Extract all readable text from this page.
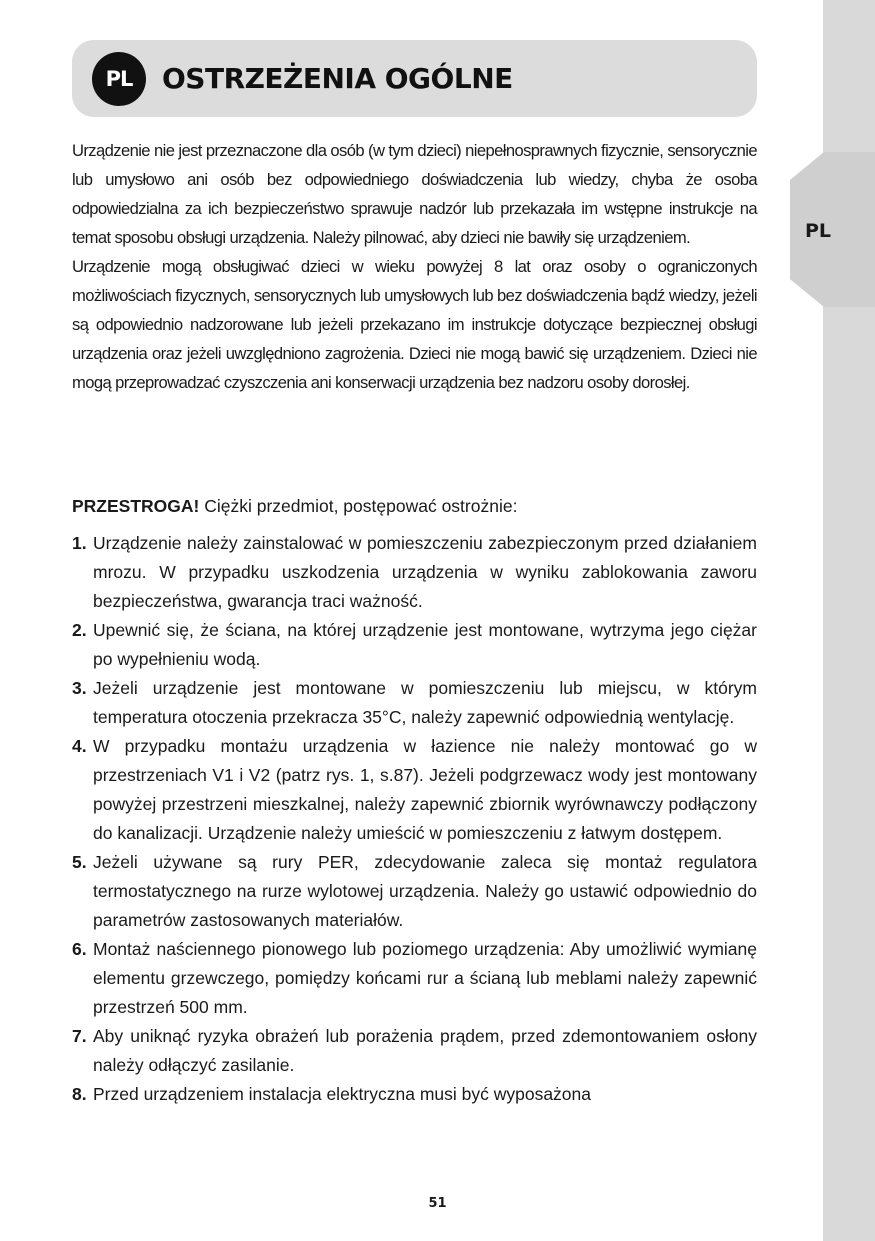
PL
PL	OSTRZEŻENIA OGÓLNE

Urządzenie nie jest przeznaczone dla osób (w tym dzieci) niepełnosprawnych fizycznie, sensorycznie lub umysłowo ani osób bez odpowiedniego doświadczenia lub wiedzy, chyba że osoba odpowiedzialna za ich bezpieczeństwo sprawuje nadzór lub przekazała im wstępne instrukcje na temat sposobu obsługi urządzenia. Należy pilnować, aby dzieci nie bawiły się urządzeniem.

Urządzenie mogą obsługiwać dzieci w wieku powyżej 8 lat oraz osoby o ograniczonych możliwościach fizycznych, sensorycznych lub umysłowych lub bez doświadczenia bądź wiedzy, jeżeli są odpowiednio nadzorowane lub jeżeli przekazano im instrukcje dotyczące bezpiecznej obsługi urządzenia oraz jeżeli uwzględniono zagrożenia. Dzieci nie mogą bawić się urządzeniem. Dzieci nie mogą przeprowadzać czyszczenia ani konserwacji urządzenia bez nadzoru osoby dorosłej.

PRZESTROGA! Ciężki przedmiot, postępować ostrożnie:
1. Urządzenie należy zainstalować w pomieszczeniu zabezpieczonym przed działaniem mrozu. W przypadku uszkodzenia urządzenia w wyniku zablokowania zaworu bezpieczeństwa, gwarancja traci ważność.
2. Upewnić się, że ściana, na której urządzenie jest montowane, wytrzyma jego ciężar po wypełnieniu wodą.
3. Jeżeli urządzenie jest montowane w pomieszczeniu lub miejscu, w którym temperatura otoczenia przekracza 35°C, należy zapewnić odpowiednią wentylację.
4. W przypadku montażu urządzenia w łazience nie należy montować go w przestrzeniach V1 i V2 (patrz rys. 1, s.87). Jeżeli podgrzewacz wody jest montowany powyżej przestrzeni mieszkalnej, należy zapewnić zbiornik wyrównawczy podłączony do kanalizacji. Urządzenie należy umieścić w pomieszczeniu z łatwym dostępem.
5. Jeżeli używane są rury PER, zdecydowanie zaleca się montaż regulatora termostatycznego na rurze wylotowej urządzenia. Należy go ustawić odpowiednio do parametrów zastosowanych materiałów.
6. Montaż naściennego pionowego lub poziomego urządzenia: Aby umożliwić wymianę elementu grzewczego, pomiędzy końcami rur a ścianą lub meblami należy zapewnić przestrzeń 500 mm.
7. Aby uniknąć ryzyka obrażeń lub porażenia prądem, przed zdemontowaniem osłony należy odłączyć zasilanie.
8. Przed urządzeniem instalacja elektryczna musi być wyposażona
51
